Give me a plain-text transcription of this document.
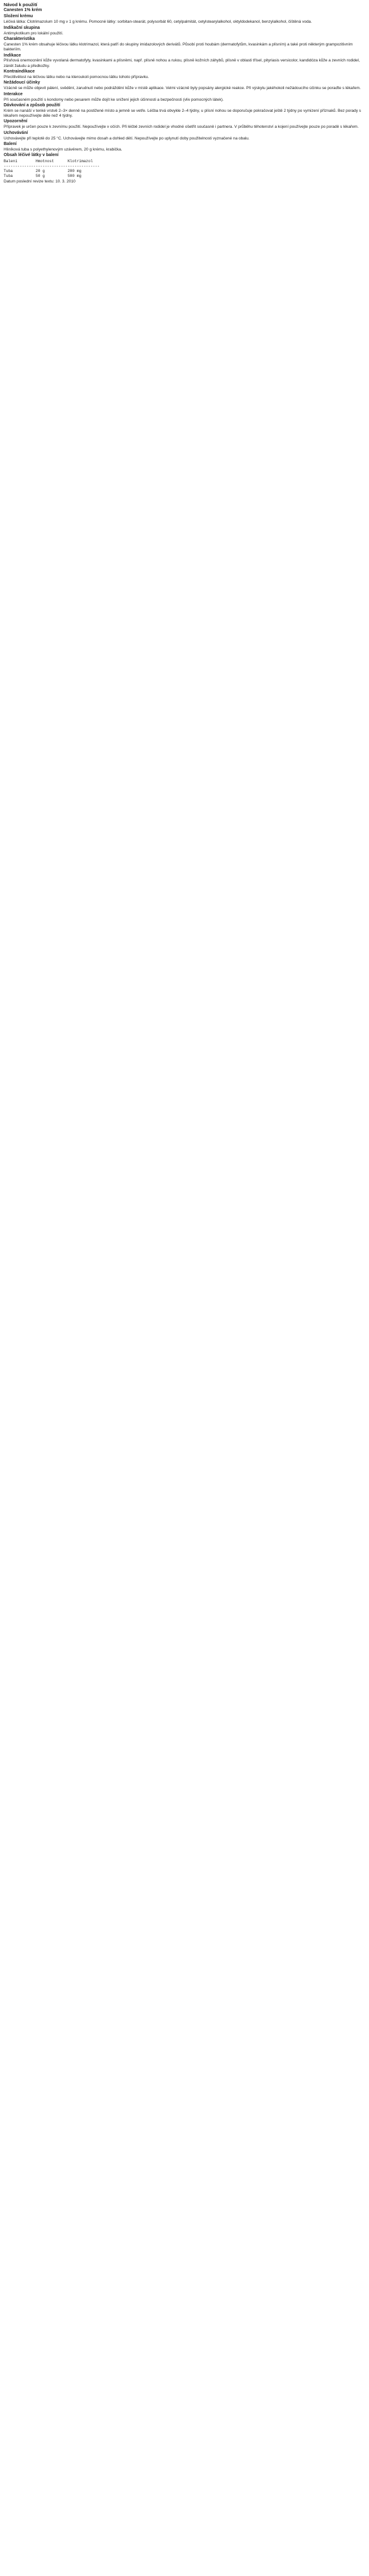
Návod k použití
Canesten 1% krém
Složení krému
Léčivá látka: Clotrimazolum 10 mg v 1 g krému. Pomocné látky: sorbitan-stearát, polysorbát 60, cetylpalmitát, cetylstearylalkohol, oktyldodekanol, benzylalkohol, čištěná voda.
Indikační skupina
Antimykotikum pro lokální použití.
Charakteristika
Canesten 1% krém obsahuje léčivou látku klotrimazol, která patří do skupiny imidazolových derivátů. Působí proti houbám (dermatofytům, kvasinkám a plísním) a také proti některým grampozitivním bakteriím.
Indikace
Plísňová onemocnění kůže vyvolaná dermatofyty, kvasinkami a plísněmi, např. plísně nohou a rukou, plísně kožních záhybů, plísně v oblasti třísel, pityriasis versicolor, kandidóza kůže a zevních rodidel, zánět žaludu a předkožky.
Kontraindikace
Přecitlivělost na léčivou látku nebo na kteroukoli pomocnou látku tohoto přípravku.
Nežádoucí účinky
Vzácně se může objevit pálení, svědění, zarudnutí nebo podráždění kůže v místě aplikace. Velmi vzácně byly popsány alergické reakce. Při výskytu jakéhokoli nežádoucího účinku se poraďte s lékařem.
Interakce
Při současném použití s kondomy nebo pesarem může dojít ke snížení jejich účinnosti a bezpečnosti (vliv pomocných látek).
Dávkování a způsob použití
Krém se nanáší v tenké vrstvě 2–3× denně na postižené místo a jemně se vetře. Léčba trvá obvykle 2–4 týdny, u plísní nohou se doporučuje pokračovat ještě 2 týdny po vymizení příznaků. Bez porady s lékařem nepoužívejte déle než 4 týdny.
Upozornění
Přípravek je určen pouze k zevnímu použití. Nepoužívejte v očích. Při léčbě zevních rodidel je vhodné ošetřit současně i partnera. V průběhu těhotenství a kojení používejte pouze po poradě s lékařem.
Uchovávání
Uchovávejte při teplotě do 25 °C. Uchovávejte mimo dosah a dohled dětí. Nepoužívejte po uplynutí doby použitelnosti vyznačené na obalu.
Balení
Hliníková tuba s polyethylenovým uzávěrem, 20 g krému, krabička.
Obsah léčivé látky v balení
Balení        Hmotnost      Klotrimazol
------------------------------------------
Tuba          20 g          200 mg
Tuba          50 g          500 mg
Datum poslední revize textu: 10. 3. 2010
